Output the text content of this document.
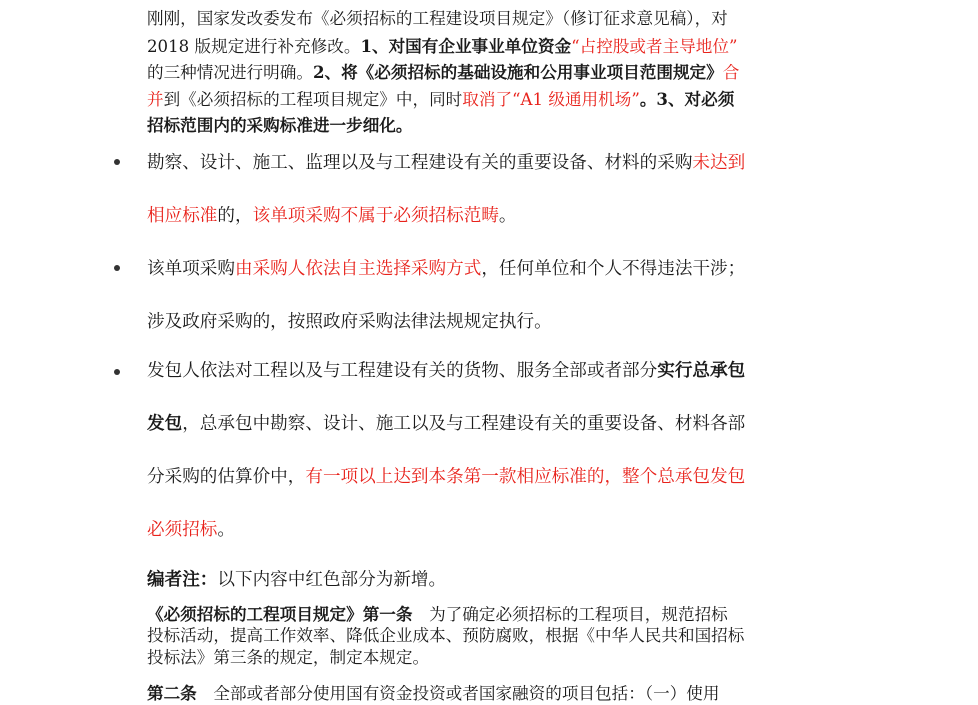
刚刚，国家发改委发布《必须招标的工程建设项目规定》（修订征求意见稿），对
2018 版规定进行补充修改。1、对国有企业事业单位资金“占控股或者主导地位”
的三种情况进行明确。2、将《必须招标的基础设施和公用事业项目范围规定》合
并到《必须招标的工程项目规定》中，同时取消了“A1 级通用机场”。3、对必须
招标范围内的采购标准进一步细化。
勘察、设计、施工、监理以及与工程建设有关的重要设备、材料的采购未达到
相应标准的，该单项采购不属于必须招标范畴。
该单项采购由采购人依法自主选择采购方式，任何单位和个人不得违法干涉；
涉及政府采购的，按照政府采购法律法规规定执行。
发包人依法对工程以及与工程建设有关的货物、服务全部或者部分实行总承包
发包，总承包中勘察、设计、施工以及与工程建设有关的重要设备、材料各部
分采购的估算价中，有一项以上达到本条第一款相应标准的，整个总承包发包
必须招标。
编者注：以下内容中红色部分为新增。
《必须招标的工程项目规定》第一条　为了确定必须招标的工程项目，规范招标
投标活动，提高工作效率、降低企业成本、预防腐败，根据《中华人民共和国招标
投标法》第三条的规定，制定本规定。
第二条　全部或者部分使用国有资金投资或者国家融资的项目包括：（一）使用
